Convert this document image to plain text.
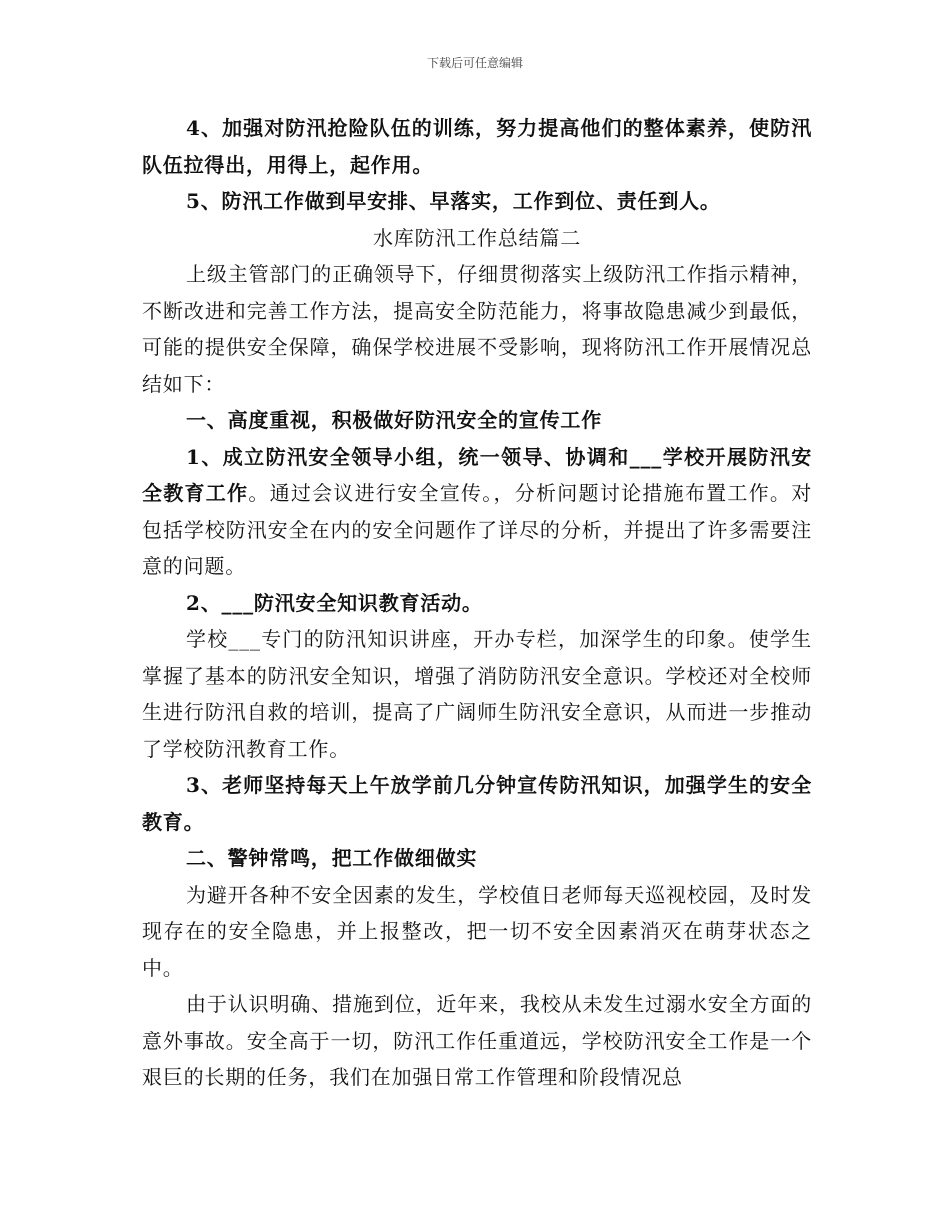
下载后可任意编辑

4、加强对防汛抢险队伍的训练，努力提高他们的整体素养，使防汛队伍拉得出，用得上，起作用。

5、防汛工作做到早安排、早落实，工作到位、责任到人。

水库防汛工作总结篇二

上级主管部门的正确领导下，仔细贯彻落实上级防汛工作指示精神，不断改进和完善工作方法，提高安全防范能力，将事故隐患减少到最低，可能的提供安全保障，确保学校进展不受影响，现将防汛工作开展情况总结如下：

一、高度重视，积极做好防汛安全的宣传工作

1、成立防汛安全领导小组，统一领导、协调和___学校开展防汛安全教育工作。通过会议进行安全宣传。，分析问题讨论措施布置工作。对包括学校防汛安全在内的安全问题作了详尽的分析，并提出了许多需要注意的问题。

2、___防汛安全知识教育活动。

学校___专门的防汛知识讲座，开办专栏，加深学生的印象。使学生掌握了基本的防汛安全知识，增强了消防防汛安全意识。学校还对全校师生进行防汛自救的培训，提高了广阔师生防汛安全意识，从而进一步推动了学校防汛教育工作。

3、老师坚持每天上午放学前几分钟宣传防汛知识，加强学生的安全教育。

二、警钟常鸣，把工作做细做实

为避开各种不安全因素的发生，学校值日老师每天巡视校园，及时发现存在的安全隐患，并上报整改，把一切不安全因素消灭在萌芽状态之中。

由于认识明确、措施到位，近年来，我校从未发生过溺水安全方面的意外事故。安全高于一切，防汛工作任重道远，学校防汛安全工作是一个艰巨的长期的任务，我们在加强日常工作管理和阶段情况总
